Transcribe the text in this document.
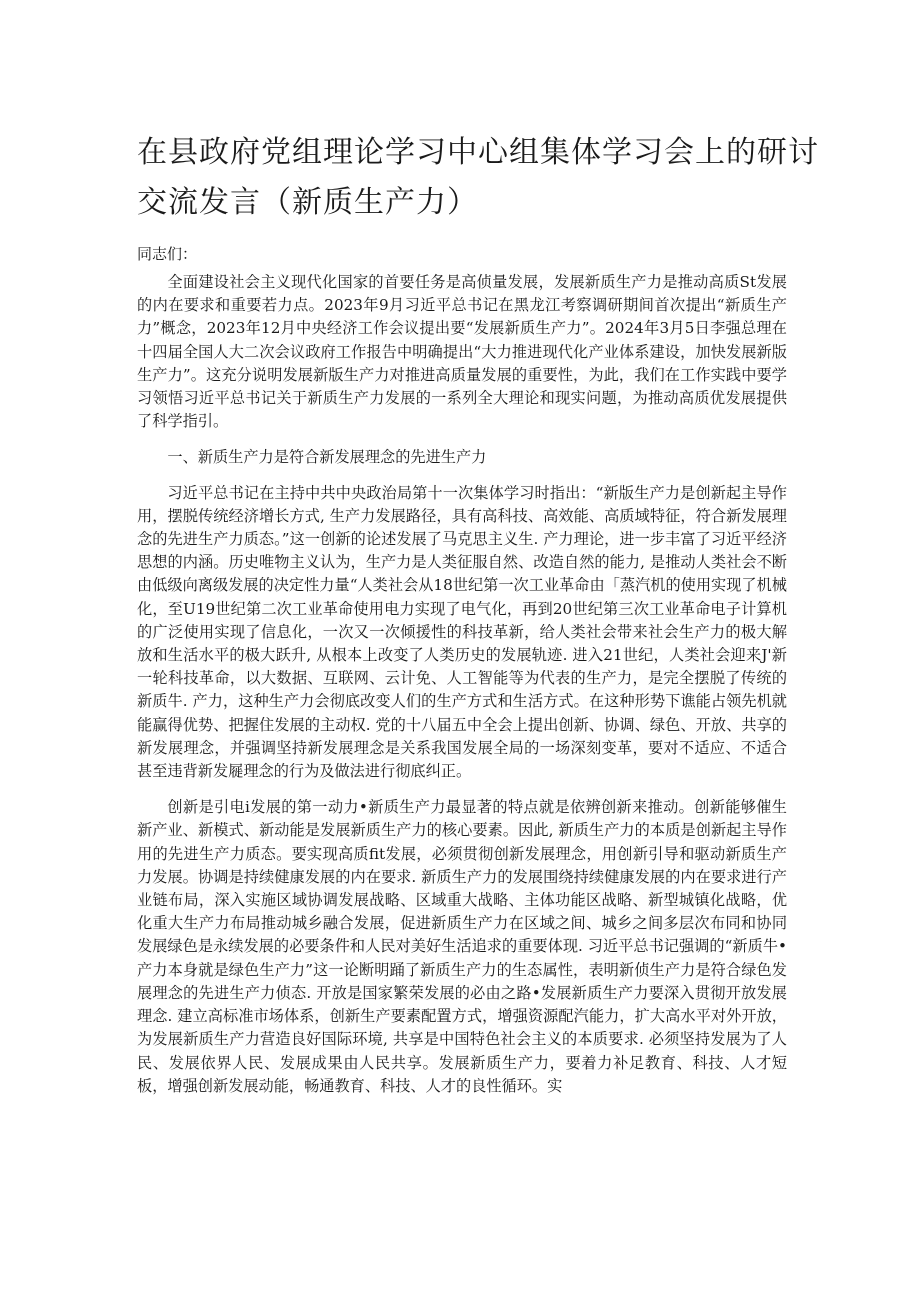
在县政府党组理论学习中心组集体学习会上的研讨
交流发言（新质生产力）

同志们：

全面建设社会主义现代化国家的首要任务是高侦量发展，发展新质生产力是推动高质St发展的内在要求和重要若力点。2023年9月习近平总书记在黑龙江考察调研期间首次提出“新质生产力”概念，2023年12月中央经济工作会议提出要“发展新质生产力”。2024年3月5日李强总理在十四届全国人大二次会议政府工作报告中明确提出“大力推进现代化产业体系建设，加快发展新版生产力”。这充分说明发展新版生产力对推进高质量发展的重要性，为此，我们在工作实践中要学习领悟习近平总书记关于新质生产力发展的一系列全大理论和现实问题，为推动高质优发展提供了科学指引。

一、新质生产力是符合新发展理念的先进生产力

习近平总书记在主持中共中央政治局第十一次集体学习时指出：“新版生产力是创新起主导作用，摆脱传统经济增长方式, 生产力发展路径，具有高科技、高效能、高质域特征，符合新发展理念的先进生产力质态。”这一创新的论述发展了马克思主义生. 产力理论，进一步丰富了习近平经济思想的内涵。历史唯物主义认为，生产力是人类征服自然、改造自然的能力, 是推动人类社会不断由低级向离级发展的决定性力量“人类社会从18世纪第一次工业革命由「蒸汽机的使用实现了机械化，至U19世纪第二次工业革命使用电力实现了电气化，再到20世纪第三次工业革命电子计算机的广泛使用实现了信息化，一次又一次倾援性的科技革新，给人类社会带来社会生产力的极大解放和生活水平的极大跃升, 从根本上改变了人类历史的发展轨迹. 进入21世纪，人类社会迎来J'新一轮科技革命，以大数据、互联网、云计免、人工智能等为代表的生产力，是完全摆脱了传统的新质牛. 产力，这种生产力会彻底改变人们的生产方式和生活方式。在这种形势下谯能占领先机就能赢得优势、把握住发展的主动权. 党的十八届五中全会上提出创新、协调、绿色、开放、共享的新发展理念，并强调坚持新发展理念是关系我国发展全局的一场深刻变革，要对不适应、不适合甚至违背新发屣理念的行为及做法进行彻底纠正。

创新是引电i发展的第一动力•新质生产力最显著的特点就是依辨创新来推动。创新能够催生新产业、新模式、新动能是发展新质生产力的核心要素。因此, 新质生产力的本质是创新起主导作用的先进生产力质态。要实现高质fit发展，必须贯彻创新发展理念，用创新引导和驱动新质生产力发展。协调是持续健康发展的内在要求. 新质生产力的发展围绕持续健康发展的内在要求进行产业链布局，深入实施区域协调发展战略、区域重大战略、主体功能区战略、新型城镇化战略，优化重大生产力布局推动城乡融合发展，促进新质生产力在区域之间、城乡之间多层次布同和协同发展绿色是永续发展的必要条件和人民对美好生活追求的重要体现. 习近平总书记强调的“新质牛•产力本身就是绿色生产力”这一论断明踊了新质生产力的生态属性，表明新侦生产力是符合绿色发展理念的先进生产力侦态. 开放是国家繁荣发展的必由之路•发展新质生产力要深入贯彻开放发展理念. 建立高标准市场体系，创新生产要素配置方式，增强资源配汽能力，扩大高水平对外开放，为发展新质生产力营造良好国际环境, 共享是中国特色社会主义的本质要求. 必须坚持发展为了人民、发展依界人民、发展成果由人民共享。发展新质生产力，要着力补足教育、科技、人才短板，增强创新发展动能，畅通教育、科技、人才的良性循环。实
